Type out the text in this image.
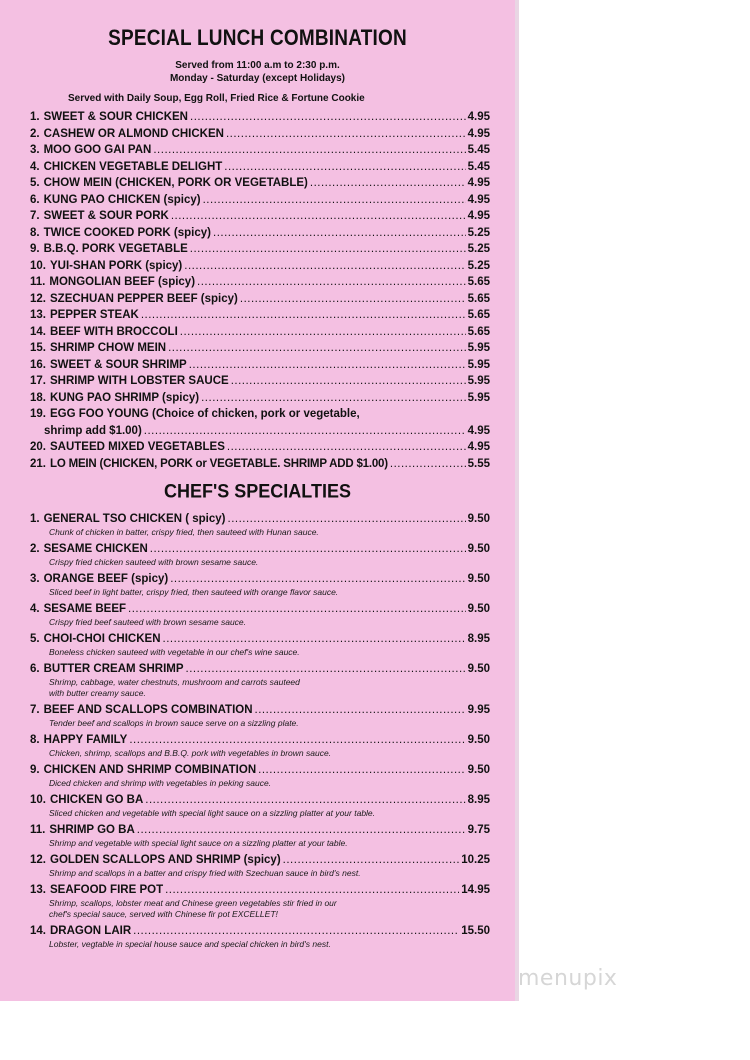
SPECIAL LUNCH COMBINATION
Served from 11:00 a.m to 2:30 p.m.
Monday - Saturday (except Holidays)
Served with Daily Soup, Egg Roll, Fried Rice & Fortune Cookie
1. SWEET & SOUR CHICKEN .....	4.95
2. CASHEW OR ALMOND CHICKEN .....	4.95
3. MOO GOO GAI PAN .....	5.45
4. CHICKEN VEGETABLE DELIGHT .....	5.45
5. CHOW MEIN (CHICKEN, PORK OR VEGETABLE) .....	4.95
6. KUNG PAO CHICKEN (spicy) .....	4.95
7. SWEET & SOUR PORK .....	4.95
8. TWICE COOKED PORK (spicy) .....	5.25
9. B.B.Q. PORK VEGETABLE .....	5.25
10. YUI-SHAN PORK (spicy) .....	5.25
11. MONGOLIAN BEEF (spicy) .....	5.65
12. SZECHUAN PEPPER BEEF (spicy) .....	5.65
13. PEPPER STEAK .....	5.65
14. BEEF WITH BROCCOLI .....	5.65
15. SHRIMP CHOW MEIN .....	5.95
16. SWEET & SOUR SHRIMP .....	5.95
17. SHRIMP WITH LOBSTER SAUCE .....	5.95
18. KUNG PAO SHRIMP (spicy) .....	5.95
19. EGG FOO YOUNG (Choice of chicken, pork or vegetable,
shrimp add $1.00) .....	4.95
20. SAUTEED MIXED VEGETABLES .....	4.95
21. LO MEIN (CHICKEN, PORK or VEGETABLE. SHRIMP ADD $1.00) .....	5.55
CHEF'S SPECIALTIES
1. GENERAL TSO CHICKEN ( spicy) .....	9.50
Chunk of chicken in batter, crispy fried, then sauteed with Hunan sauce.
2. SESAME CHICKEN .....	9.50
Crispy fried chicken sauteed with brown sesame sauce.
3. ORANGE BEEF (spicy) .....	9.50
Sliced beef in light batter, crispy fried, then sauteed with orange flavor sauce.
4. SESAME BEEF .....	9.50
Crispy fried beef sauteed with brown sesame sauce.
5. CHOI-CHOI CHICKEN .....	8.95
Boneless chicken sauteed with vegetable in our chef's wine sauce.
6. BUTTER CREAM SHRIMP .....	9.50
Shrimp, cabbage, water chestnuts, mushroom and carrots sauteed
with butter creamy sauce.
7. BEEF AND SCALLOPS COMBINATION .....	9.95
Tender beef and scallops in brown sauce serve on a sizzling plate.
8. HAPPY FAMILY .....	9.50
Chicken, shrimp, scallops and B.B.Q. pork with vegetables in brown sauce.
9. CHICKEN AND SHRIMP COMBINATION .....	9.50
Diced chicken and shrimp with vegetables in peking sauce.
10. CHICKEN GO BA .....	8.95
Sliced chicken and vegetable with special light sauce on a sizzling platter at your table.
11. SHRIMP GO BA .....	9.75
Shrimp and vegetable with special light sauce on a sizzling platter at your table.
12. GOLDEN SCALLOPS AND SHRIMP (spicy) .....	10.25
Shrimp and scallops in a batter and crispy fried with Szechuan sauce in bird's nest.
13. SEAFOOD FIRE POT .....	14.95
Shrimp, scallops, lobster meat and Chinese green vegetables stir fried in our
chef's special sauce, served with Chinese fir pot EXCELLET!
14. DRAGON LAIR .....	15.50
Lobster, vegtable in special house sauce and special chicken in bird's nest.
menupix
